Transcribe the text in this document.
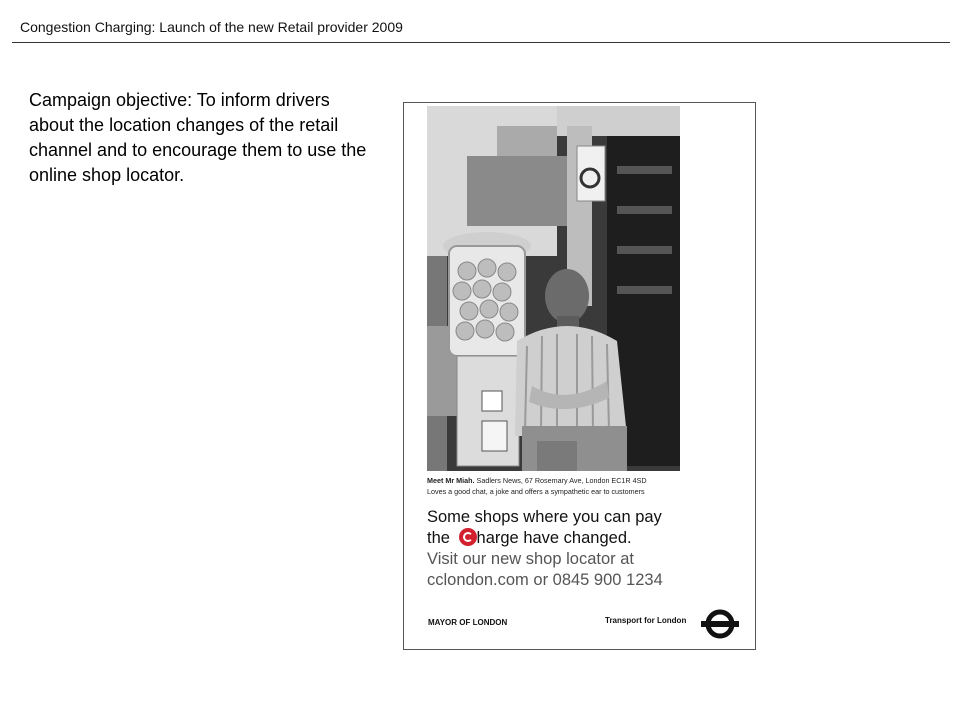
Congestion Charging: Launch of the new Retail provider 2009
Campaign objective: To inform drivers about the location changes of the retail channel and to encourage them to use the online shop locator.
Meet Mr Miah. Sadlers News, 67 Rosemary Ave, London EC1R 4SD
Loves a good chat, a joke and offers a sympathetic ear to customers
Some shops where you can pay
the harge have changed.
Visit our new shop locator at
cclondon.com or 0845 900 1234
MAYOR OF LONDON	Transport for London
